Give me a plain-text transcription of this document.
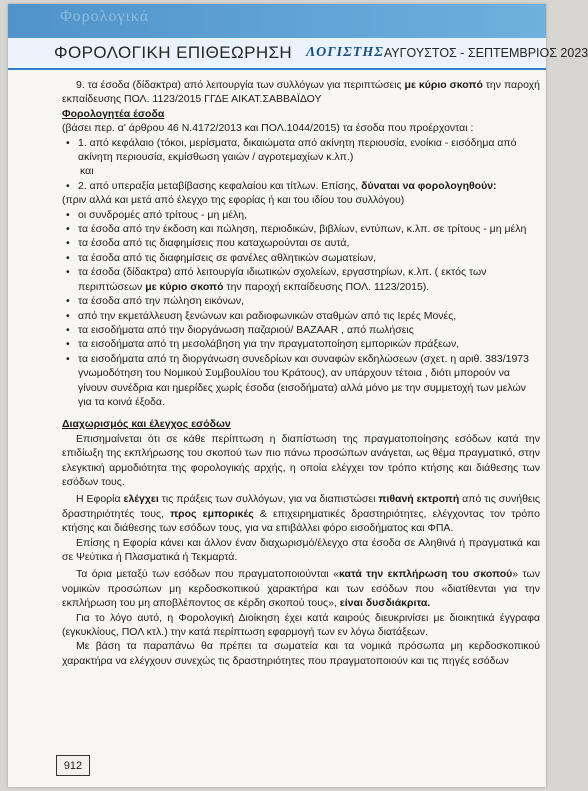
Φορολογικά
ΦΟΡΟΛΟΓΙΚΗ ΕΠΙΘΕΩΡΗΣΗ ΛΟΓΙΣΤΗΣ ΑΥΓΟΥΣΤΟΣ - ΣΕΠΤΕΜΒΡΙΟΣ 2023

9. τα έσοδα (δίδακτρα) από λειτουργία των συλλόγων για περιπτώσεις με κύριο σκοπό την παροχή εκπαίδευσης ΠΟΛ. 1123/2015 ΓΓΔΕ ΑΙΚΑΤ.ΣΑΒΒΑΪΔΟΥ

Φορολογητέα έσοδα

(βάσει περ. α' άρθρου 46 Ν.4172/2013 και ΠΟΛ.1044/2015) τα έσοδα που προέρχονται :

• 1. από κεφάλαιο (τόκοι, μερίσματα, δικαιώματα από ακίνητη περιουσία, ενοίκια - εισόδημα από ακίνητη περιουσία, εκμίσθωση γαιών / αγροτεμαχίων κ.λπ.)

και

• 2. από υπεραξία μεταβίβασης κεφαλαίου και τίτλων. Επίσης, δύναται να φορολογηθούν:

(πριν αλλά και μετά από έλεγχο της εφορίας ή και του ιδίου του συλλόγου)

• οι συνδρομές από τρίτους - μη μέλη,

• τα έσοδα από την έκδοση και πώληση, περιοδικών, βιβλίων, εντύπων, κ.λπ. σε τρίτους - μη μέλη

• τα έσοδα από τις διαφημίσεις που καταχωρούνται σε αυτά,

• τα έσοδα από τις διαφημίσεις σε φανέλες αθλητικών σωματείων,

• τα έσοδα (δίδακτρα) από λειτουργία ιδιωτικών σχολείων, εργαστηρίων, κ.λπ. ( εκτός των περιπτώσεων με κύριο σκοπό την παροχή εκπαίδευσης ΠΟΛ. 1123/2015).

• τα έσοδα από την πώληση εικόνων,

• από την εκμετάλλευση ξενώνων και ραδιοφωνικών σταθμών από τις Ιερές Μονές,

• τα εισοδήματα από την διοργάνωση παζαριού/ BAZAAR , από πωλήσεις

• τα εισοδήματα από τη μεσολάβηση για την πραγματοποίηση εμπορικών πράξεων,

• τα εισοδήματα από τη διοργάνωση συνεδρίων και συναφών εκδηλώσεων (σχετ. η αριθ. 383/1973 γνωμοδότηση του Νομικού Συμβουλίου του Κράτους), αν υπάρχουν τέτοια , διότι μπορούν να γίνουν συνέδρια και ημερίδες χωρίς έσοδα (εισοδήματα) αλλά μόνο με την συμμετοχή των μελών για τα κοινά έξοδα.

Διαχωρισμός και έλεγχος εσόδων

Επισημαίνεται ότι σε κάθε περίπτωση η διαπίστωση της πραγματοποίησης εσόδων κατά την επιδίωξη της εκπλήρωσης του σκοπού των πιο πάνω προσώπων ανάγεται, ως θέμα πραγματικό, στην ελεγκτική αρμοδιότητα της φορολογικής αρχής, η οποία ελέγχει τον τρόπο κτήσης και διάθεσης των εσόδων τους.

Η Εφορία ελέγχει τις πράξεις των συλλόγων, για να διαπιστώσει πιθανή εκτροπή από τις συνήθεις δραστηριότητές τους, προς εμπορικές & επιχειρηματικές δραστηριότητες, ελέγχοντας τον τρόπο κτήσης και διάθεσης των εσόδων τους, για να επιβάλλει φόρο εισοδήματος και ΦΠΑ.

Επίσης η Εφορία κάνει και άλλον έναν διαχωρισμό/έλεγχο στα έσοδα σε Αληθινά ή πραγματικά και σε Ψεύτικα ή Πλασματικά ή Τεκμαρτά.

Τα όρια μεταξύ των εσόδων που πραγματοποιούνται «κατά την εκπλήρωση του σκοπού» των νομικών προσώπων μη κερδοσκοπικού χαρακτήρα και των εσόδων που «διατίθενται για την εκπλήρωση του μη αποβλέποντος σε κέρδη σκοπού τους», είναι δυσδιάκριτα.

Για το λόγο αυτό, η Φορολογική Διοίκηση έχει κατά καιρούς διευκρινίσει με διοικητικά έγγραφα (εγκυκλίους, ΠΟΛ κτλ.) την κατά περίπτωση εφαρμογή των εν λόγω διατάξεων.

Με βάση τα παραπάνω θα πρέπει τα σωματεία και τα νομικά πρόσωπα μη κερδοσκοπικού χαρακτήρα να ελέγχουν συνεχώς τις δραστηριότητες που πραγματοποιούν και τις πηγές εσόδων

912
